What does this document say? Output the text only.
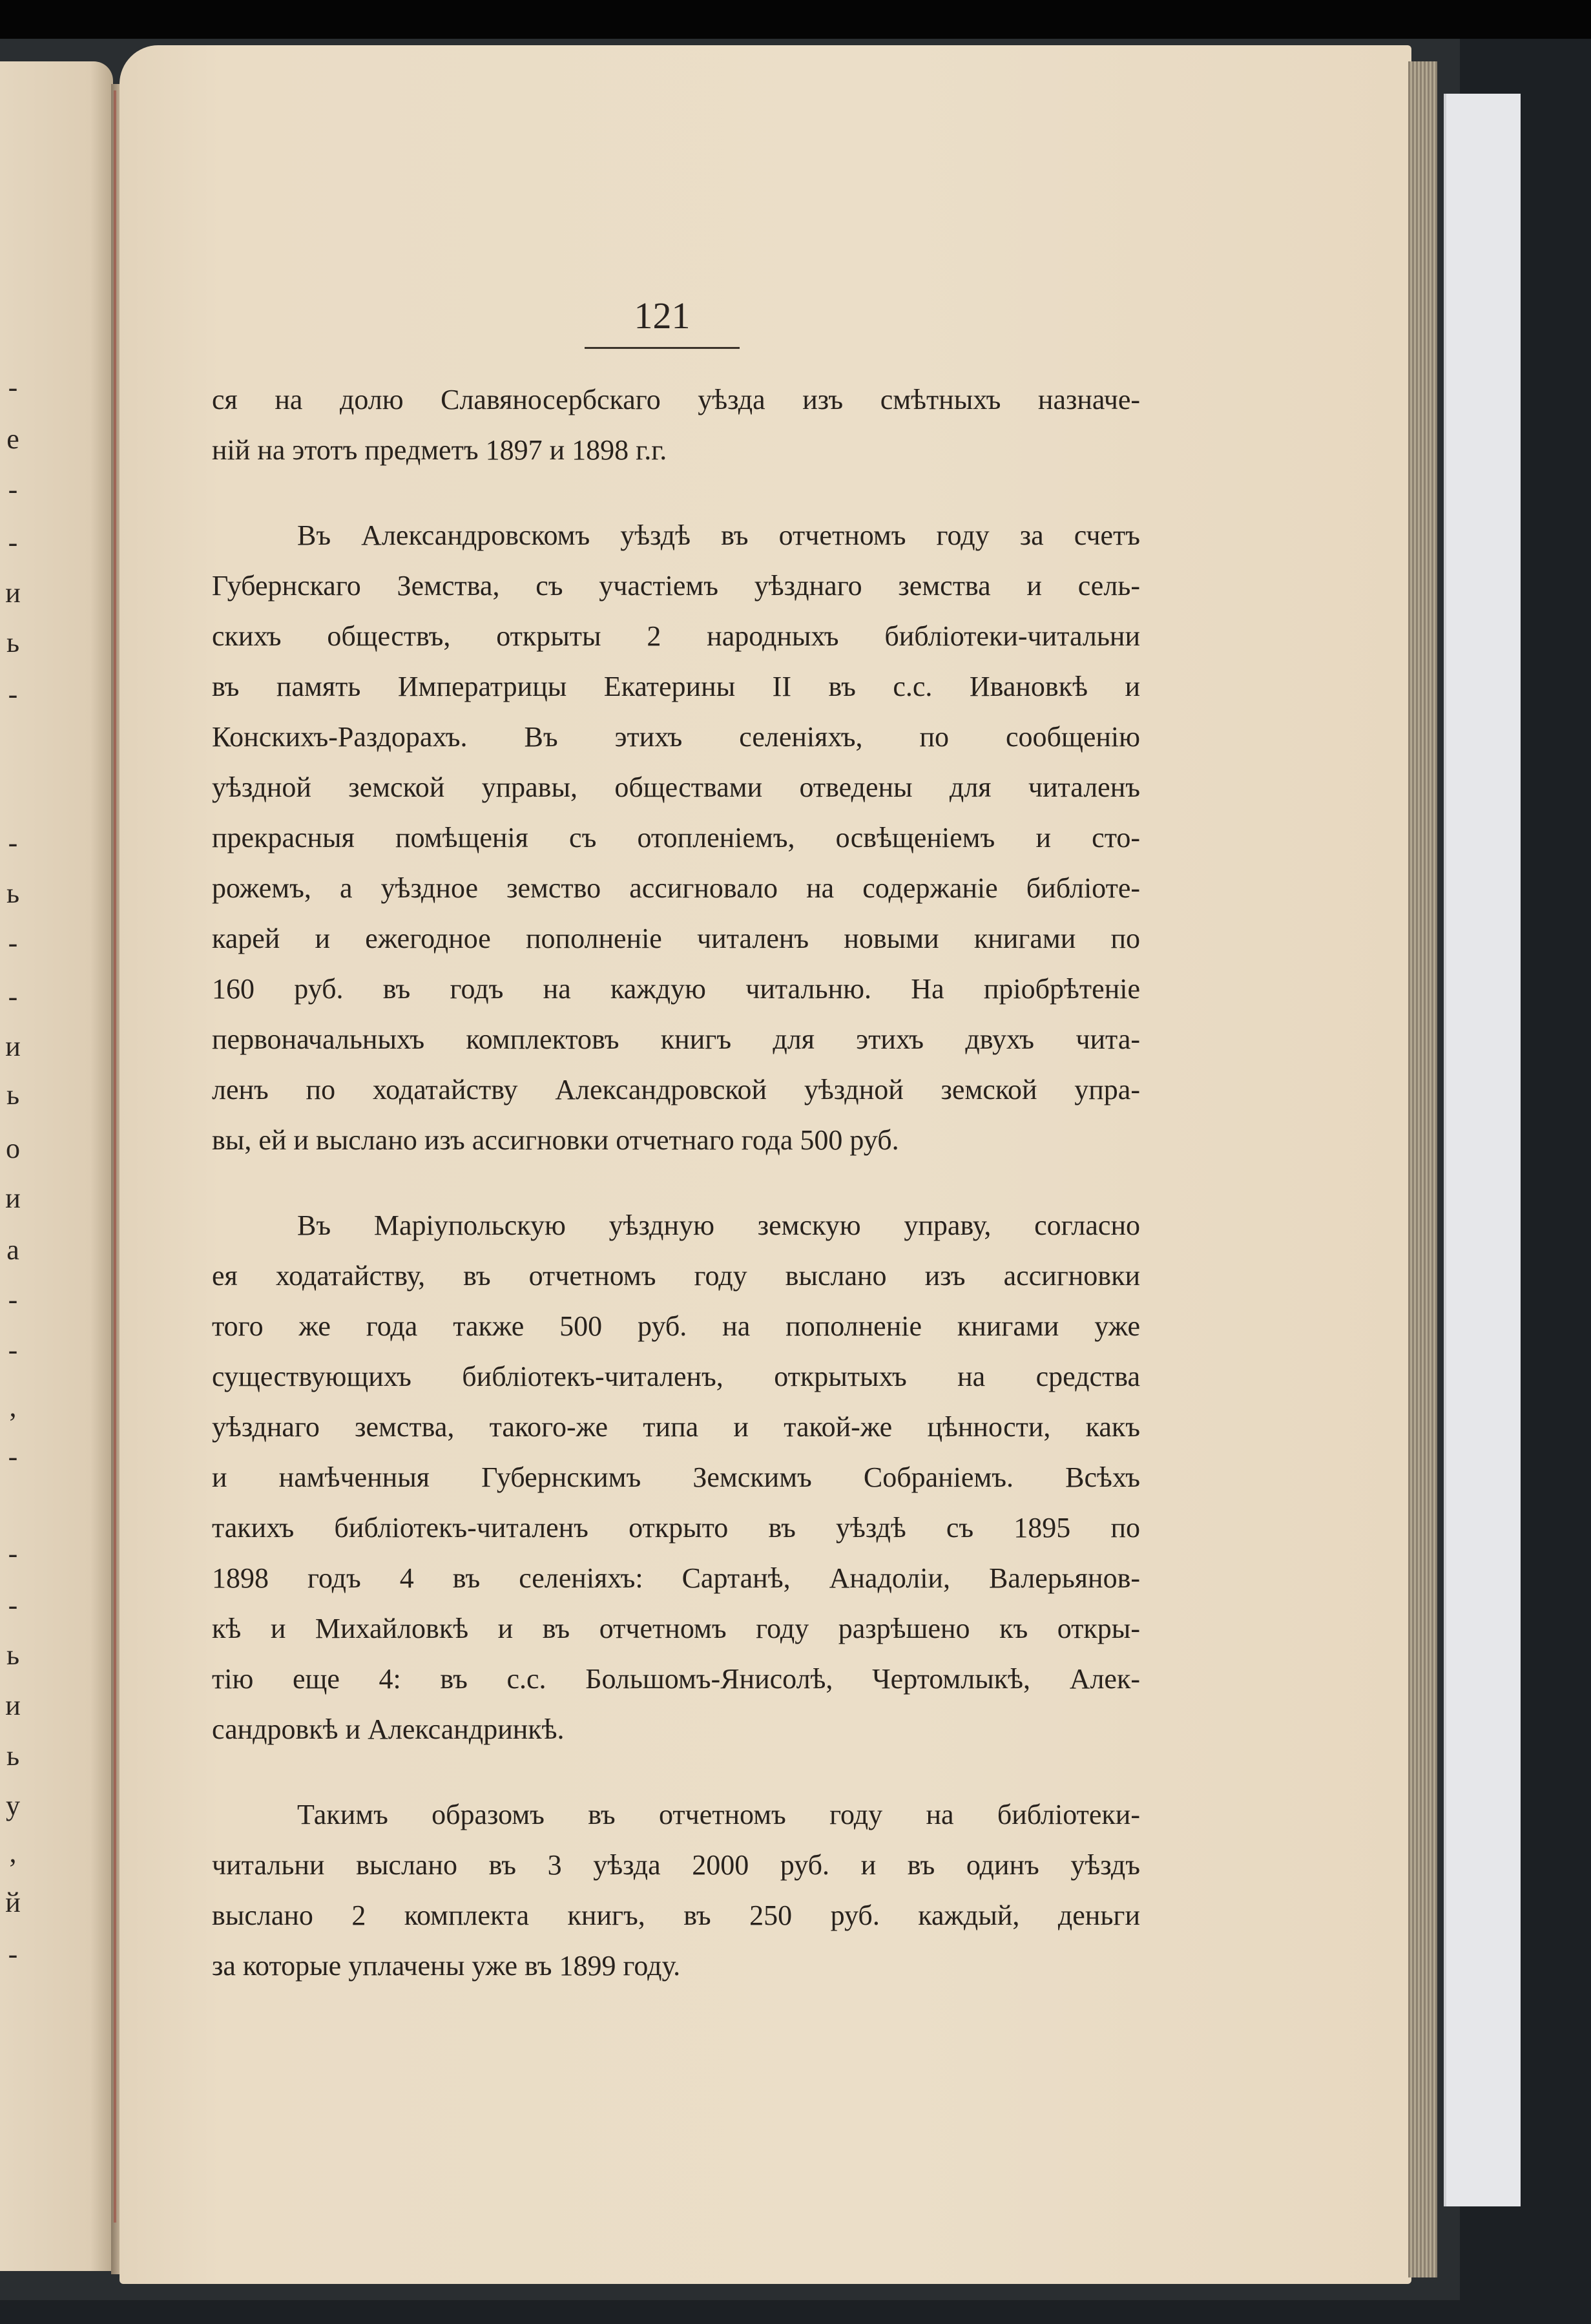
-
e
-
-
и
ь
-
-
ь
-
-
и
ь
о
и
а
-
-
,
-
-
-
ь
и
ь
у
,
й
-
121
ся на долю Славяносербскаго уѣзда изъ смѣтныхъ назначе-
ній на этотъ предметъ 1897 и 1898 г.г.
Въ Александровскомъ уѣздѣ въ отчетномъ году за счетъ
Губернскаго Земства, съ участіемъ уѣзднаго земства и сель-
скихъ обществъ, открыты 2 народныхъ библіотеки-читальни
въ память Императрицы Екатерины II въ с.с. Ивановкѣ и
Конскихъ-Раздорахъ. Въ этихъ селеніяхъ, по сообщенію
уѣздной земской управы, обществами отведены для читаленъ
прекрасныя помѣщенія съ отопленіемъ, освѣщеніемъ и сто-
рожемъ, а уѣздное земство ассигновало на содержаніе библіоте-
карей и ежегодное пополненіе читаленъ новыми книгами по
160 руб. въ годъ на каждую читальню. На пріобрѣтеніе
первоначальныхъ комплектовъ книгъ для этихъ двухъ чита-
ленъ по ходатайству Александровской уѣздной земской упра-
вы, ей и выслано изъ ассигновки отчетнаго года 500 руб.
Въ Маріупольскую уѣздную земскую управу, согласно
ея ходатайству, въ отчетномъ году выслано изъ ассигновки
того же года также 500 руб. на пополненіе книгами уже
существующихъ библіотекъ-читаленъ, открытыхъ на средства
уѣзднаго земства, такого-же типа и такой-же цѣнности, какъ
и намѣченныя Губернскимъ Земскимъ Собраніемъ. Всѣхъ
такихъ библіотекъ-читаленъ открыто въ уѣздѣ съ 1895 по
1898 годъ 4 въ селеніяхъ: Сартанѣ, Анадоліи, Валерьянов-
кѣ и Михайловкѣ и въ отчетномъ году разрѣшено къ откры-
тію еще 4: въ с.с. Большомъ-Янисолѣ, Чертомлыкѣ, Алек-
сандровкѣ и Александринкѣ.
Такимъ образомъ въ отчетномъ году на библіотеки-
читальни выслано въ 3 уѣзда 2000 руб. и въ одинъ уѣздъ
выслано 2 комплекта книгъ, въ 250 руб. каждый, деньги
за которые уплачены уже въ 1899 году.
